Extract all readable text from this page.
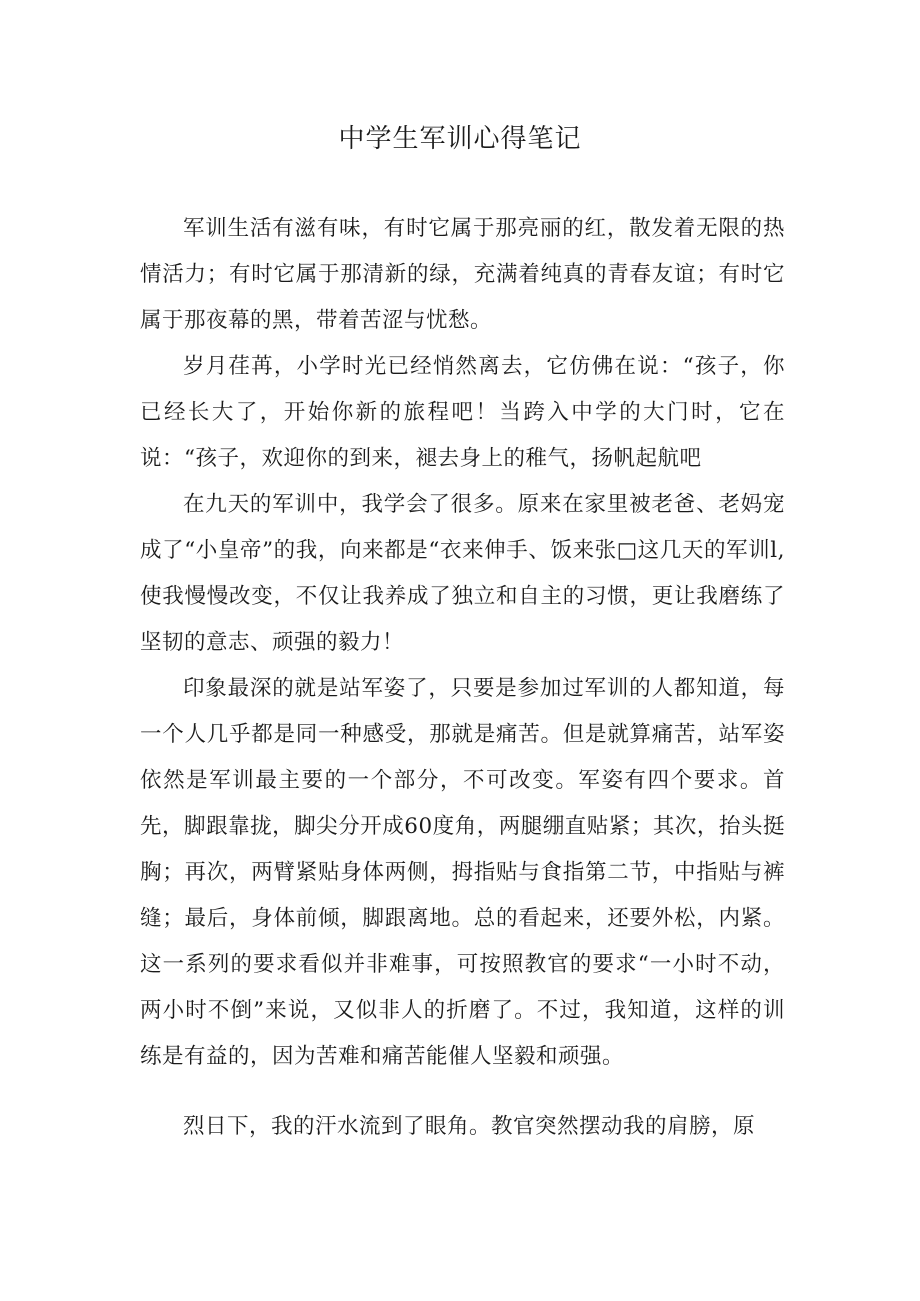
中学生军训心得笔记

军训生活有滋有味，有时它属于那亮丽的红，散发着无限的热情活力；有时它属于那清新的绿，充满着纯真的青春友谊；有时它属于那夜幕的黑，带着苦涩与忧愁。

岁月荏苒，小学时光已经悄然离去，它仿佛在说：“孩子，你已经长大了，开始你新的旅程吧！当跨入中学的大门时，它在说：“孩子，欢迎你的到来，褪去身上的稚气，扬帆起航吧

在九天的军训中，我学会了很多。原来在家里被老爸、老妈宠成了“小皇帝”的我，向来都是“衣来伸手、饭来张□这几天的军训l,使我慢慢改变，不仅让我养成了独立和自主的习惯，更让我磨练了坚韧的意志、顽强的毅力！

印象最深的就是站军姿了，只要是参加过军训的人都知道，每一个人几乎都是同一种感受，那就是痛苦。但是就算痛苦，站军姿依然是军训最主要的一个部分，不可改变。军姿有四个要求。首先，脚跟靠拢，脚尖分开成60度角，两腿绷直贴紧；其次，抬头挺胸；再次，两臂紧贴身体两侧，拇指贴与食指第二节，中指贴与裤缝；最后，身体前倾，脚跟离地。总的看起来，还要外松，内紧。这一系列的要求看似并非难事，可按照教官的要求“一小时不动，两小时不倒”来说，又似非人的折磨了。不过，我知道，这样的训练是有益的，因为苦难和痛苦能催人坚毅和顽强。

烈日下，我的汗水流到了眼角。教官突然摆动我的肩膀，原
